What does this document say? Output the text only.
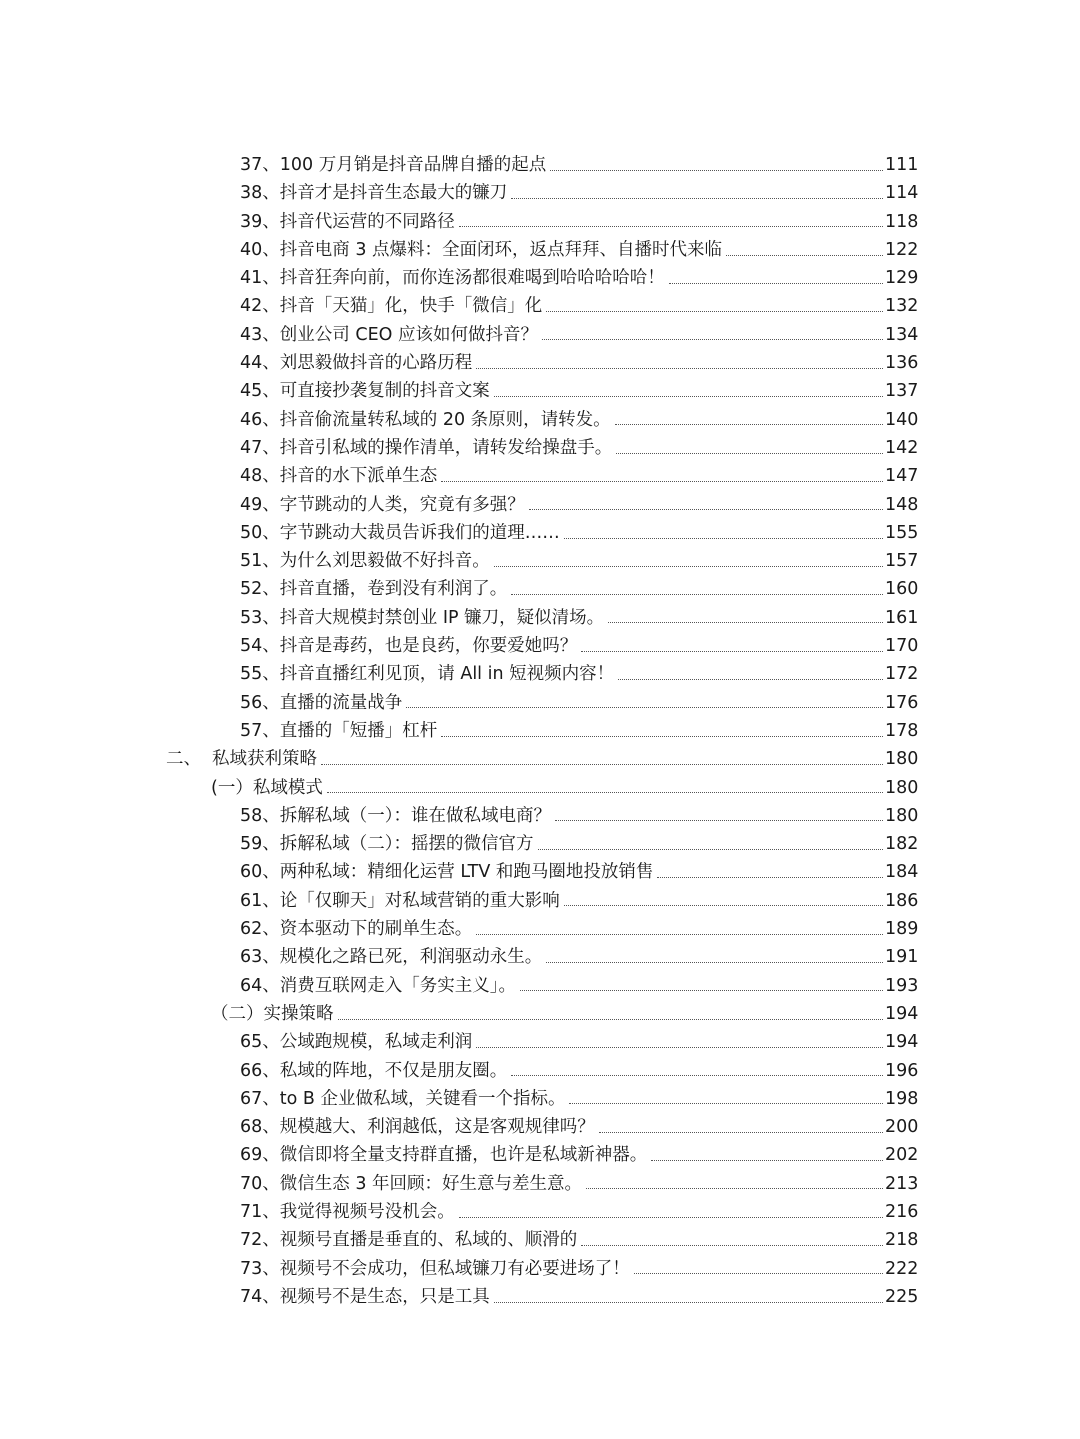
37、 100 万月销是抖音品牌自播的起点	111
38、 抖音才是抖音生态最大的镰刀	114
39、 抖音代运营的不同路径	118
40、 抖音电商 3 点爆料：全面闭环，返点拜拜、自播时代来临	122
41、 抖音狂奔向前，而你连汤都很难喝到哈哈哈哈哈！	129
42、 抖音「天猫」化，快手「微信」化	132
43、 创业公司 CEO 应该如何做抖音？	134
44、 刘思毅做抖音的心路历程	136
45、 可直接抄袭复制的抖音文案	137
46、 抖音偷流量转私域的 20 条原则，请转发。	140
47、 抖音引私域的操作清单，请转发给操盘手。	142
48、 抖音的水下派单生态	147
49、 字节跳动的人类，究竟有多强？	148
50、 字节跳动大裁员告诉我们的道理……	155
51、 为什么刘思毅做不好抖音。	157
52、 抖音直播，卷到没有利润了。	160
53、 抖音大规模封禁创业 IP 镰刀，疑似清场。	161
54、 抖音是毒药，也是良药，你要爱她吗？	170
55、 抖音直播红利见顶，请 All in 短视频内容！	172
56、 直播的流量战争	176
57、 直播的「短播」杠杆	178
二、 私域获利策略	180
(一）私域模式	180
58、 拆解私域（一）：谁在做私域电商？	180
59、 拆解私域（二）：摇摆的微信官方	182
60、 两种私域：精细化运营 LTV 和跑马圈地投放销售	184
61、 论「仅聊天」对私域营销的重大影响	186
62、 资本驱动下的刷单生态。	189
63、 规模化之路已死，利润驱动永生。	191
64、 消费互联网走入「务实主义」。	193
（二）实操策略	194
65、 公域跑规模，私域走利润	194
66、 私域的阵地，不仅是朋友圈。	196
67、 to B 企业做私域，关键看一个指标。	198
68、 规模越大、利润越低，这是客观规律吗？	200
69、 微信即将全量支持群直播，也许是私域新神器。	202
70、 微信生态 3 年回顾：好生意与差生意。	213
71、 我觉得视频号没机会。	216
72、 视频号直播是垂直的、私域的、顺滑的	218
73、 视频号不会成功，但私域镰刀有必要进场了！	222
74、 视频号不是生态，只是工具	225
